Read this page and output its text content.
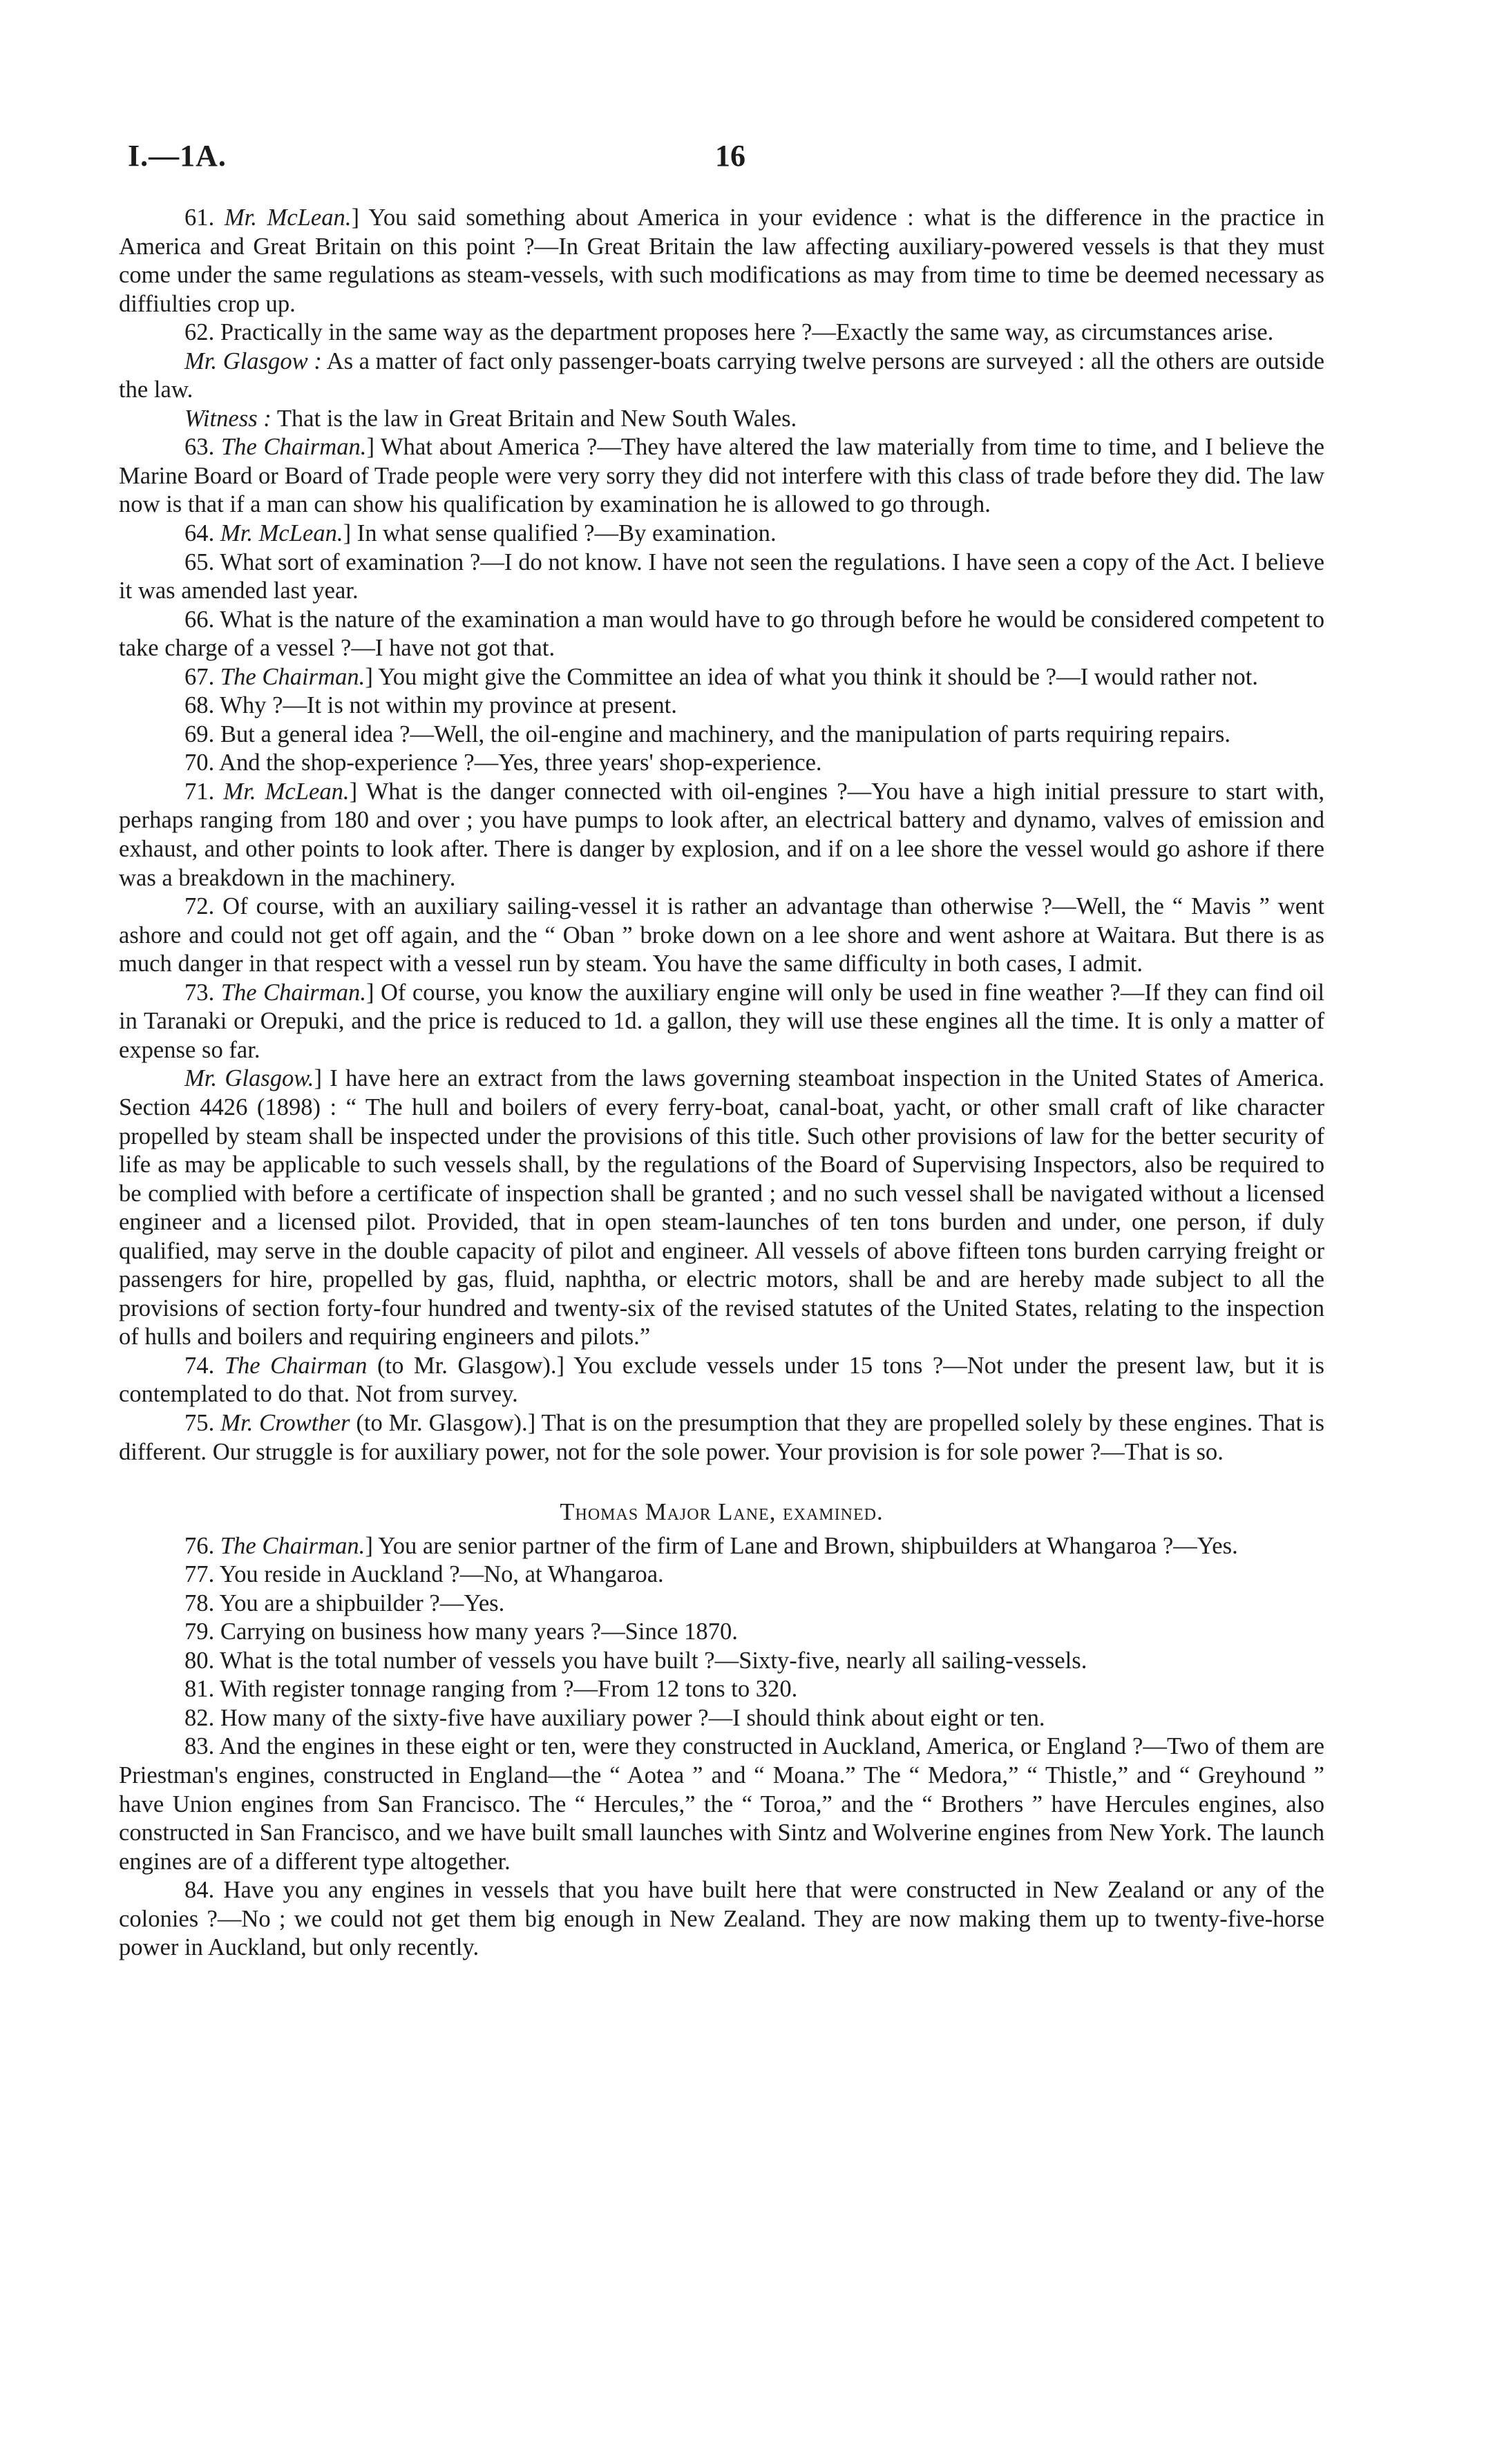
I.—1A.	16

61. Mr. McLean.] You said something about America in your evidence : what is the difference in the practice in America and Great Britain on this point ?—In Great Britain the law affecting auxiliary-powered vessels is that they must come under the same regulations as steam-vessels, with such modifications as may from time to time be deemed necessary as diffiulties crop up.

62. Practically in the same way as the department proposes here ?—Exactly the same way, as circumstances arise.

Mr. Glasgow : As a matter of fact only passenger-boats carrying twelve persons are surveyed : all the others are outside the law.

Witness : That is the law in Great Britain and New South Wales.

63. The Chairman.] What about America ?—They have altered the law materially from time to time, and I believe the Marine Board or Board of Trade people were very sorry they did not interfere with this class of trade before they did. The law now is that if a man can show his qualification by examination he is allowed to go through.

64. Mr. McLean.] In what sense qualified ?—By examination.

65. What sort of examination ?—I do not know. I have not seen the regulations. I have seen a copy of the Act. I believe it was amended last year.

66. What is the nature of the examination a man would have to go through before he would be considered competent to take charge of a vessel ?—I have not got that.

67. The Chairman.] You might give the Committee an idea of what you think it should be ?—I would rather not.

68. Why ?—It is not within my province at present.

69. But a general idea ?—Well, the oil-engine and machinery, and the manipulation of parts requiring repairs.

70. And the shop-experience ?—Yes, three years' shop-experience.

71. Mr. McLean.] What is the danger connected with oil-engines ?—You have a high initial pressure to start with, perhaps ranging from 180 and over ; you have pumps to look after, an electrical battery and dynamo, valves of emission and exhaust, and other points to look after. There is danger by explosion, and if on a lee shore the vessel would go ashore if there was a breakdown in the machinery.

72. Of course, with an auxiliary sailing-vessel it is rather an advantage than otherwise ?—Well, the “ Mavis ” went ashore and could not get off again, and the “ Oban ” broke down on a lee shore and went ashore at Waitara. But there is as much danger in that respect with a vessel run by steam. You have the same difficulty in both cases, I admit.

73. The Chairman.] Of course, you know the auxiliary engine will only be used in fine weather ?—If they can find oil in Taranaki or Orepuki, and the price is reduced to 1d. a gallon, they will use these engines all the time. It is only a matter of expense so far.

Mr. Glasgow.] I have here an extract from the laws governing steamboat inspection in the United States of America. Section 4426 (1898) : “ The hull and boilers of every ferry-boat, canal-boat, yacht, or other small craft of like character propelled by steam shall be inspected under the provisions of this title. Such other provisions of law for the better security of life as may be applicable to such vessels shall, by the regulations of the Board of Supervising Inspectors, also be required to be complied with before a certificate of inspection shall be granted ; and no such vessel shall be navigated without a licensed engineer and a licensed pilot. Provided, that in open steam-launches of ten tons burden and under, one person, if duly qualified, may serve in the double capacity of pilot and engineer. All vessels of above fifteen tons burden carrying freight or passengers for hire, propelled by gas, fluid, naphtha, or electric motors, shall be and are hereby made subject to all the provisions of section forty-four hundred and twenty-six of the revised statutes of the United States, relating to the inspection of hulls and boilers and requiring engineers and pilots.”

74. The Chairman (to Mr. Glasgow).] You exclude vessels under 15 tons ?—Not under the present law, but it is contemplated to do that. Not from survey.

75. Mr. Crowther (to Mr. Glasgow).] That is on the presumption that they are propelled solely by these engines. That is different. Our struggle is for auxiliary power, not for the sole power. Your provision is for sole power ?—That is so.

Thomas Major Lane, examined.

76. The Chairman.] You are senior partner of the firm of Lane and Brown, shipbuilders at Whangaroa ?—Yes.

77. You reside in Auckland ?—No, at Whangaroa.

78. You are a shipbuilder ?—Yes.

79. Carrying on business how many years ?—Since 1870.

80. What is the total number of vessels you have built ?—Sixty-five, nearly all sailing-vessels.

81. With register tonnage ranging from ?—From 12 tons to 320.

82. How many of the sixty-five have auxiliary power ?—I should think about eight or ten.

83. And the engines in these eight or ten, were they constructed in Auckland, America, or England ?—Two of them are Priestman's engines, constructed in England—the “ Aotea ” and “ Moana.” The “ Medora,” “ Thistle,” and “ Greyhound ” have Union engines from San Francisco. The “ Hercules,” the “ Toroa,” and the “ Brothers ” have Hercules engines, also constructed in San Francisco, and we have built small launches with Sintz and Wolverine engines from New York. The launch engines are of a different type altogether.

84. Have you any engines in vessels that you have built here that were constructed in New Zealand or any of the colonies ?—No ; we could not get them big enough in New Zealand. They are now making them up to twenty-five-horse power in Auckland, but only recently.
